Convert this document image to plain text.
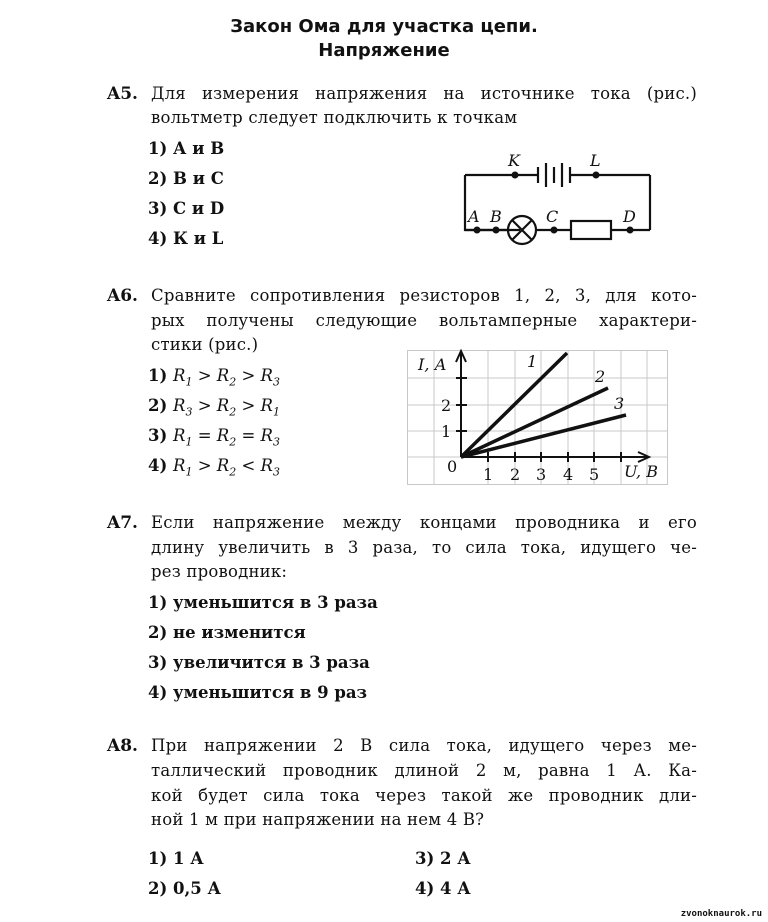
Закон Ома для участка цепи.
Напряжение
A5. Для измерения напряжения на источнике тока (рис.)
вольтметр следует подключить к точкам
1) А и В
2) В и С
3) С и D
4) К и L
K	L
A B	C	D
A6. Сравните сопротивления резисторов 1, 2, 3, для кото-
рых получены следующие вольтамперные характери-
стики (рис.)
1) $R_1 > R_2 > R_3$
2) $R_3 > R_2 > R_1$
3) $R_1 = R_2 = R_3$
4) $R_1 > R_2 < R_3$
I, А
2
1
0 1 2 3 4 5 U, В
1
2
3
A7. Если напряжение между концами проводника и его
длину увеличить в 3 раза, то сила тока, идущего че-
рез проводник:
1) уменьшится в 3 раза
2) не изменится
3) увеличится в 3 раза
4) уменьшится в 9 раз
A8. При напряжении 2 В сила тока, идущего через ме-
таллический проводник длиной 2 м, равна 1 А. Ка-
кой будет сила тока через такой же проводник дли-
ной 1 м при напряжении на нем 4 В?
1) 1 А
2) 0,5 А
3) 2 А
4) 4 А
zvonoknaurok.ru
